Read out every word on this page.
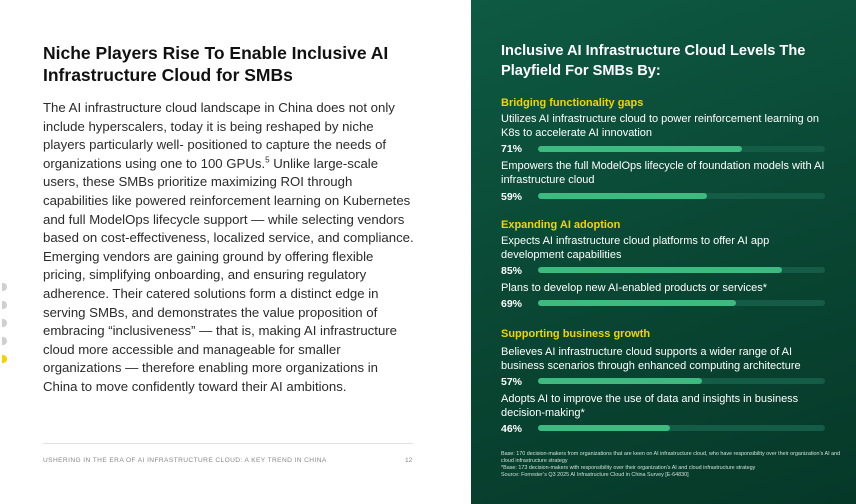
Niche Players Rise To Enable Inclusive AI Infrastructure Cloud for SMBs

The AI infrastructure cloud landscape in China does not only include hyperscalers, today it is being reshaped by niche players particularly well- positioned to capture the needs of organizations using one to 100 GPUs.$^5$ Unlike large-scale users, these SMBs prioritize maximizing ROI through capabilities like powered reinforcement learning on Kubernetes and full ModelOps lifecycle support — while selecting vendors based on cost-effectiveness, localized service, and compliance. Emerging vendors are gaining ground by offering flexible pricing, simplifying onboarding, and ensuring regulatory adherence. Their catered solutions form a distinct edge in serving SMBs, and demonstrates the value proposition of embracing “inclusiveness” — that is, making AI infrastructure cloud more accessible and manageable for smaller organizations — therefore enabling more organizations in China to move confidently toward their AI ambitions.

USHERING IN THE ERA OF AI INFRASTRUCTURE CLOUD: A KEY TREND IN CHINA	12

Inclusive AI Infrastructure Cloud Levels The Playfield For SMBs By:
Bridging functionality gaps

Utilizes AI infrastructure cloud to power reinforcement learning on K8s to accelerate AI innovation

71%

Empowers the full ModelOps lifecycle of foundation models with AI infrastructure cloud

59%

Expanding AI adoption

Expects AI infrastructure cloud platforms to offer AI app development capabilities

85%

Plans to develop new AI-enabled products or services*

69%

Supporting business growth

Believes AI infrastructure cloud supports a wider range of AI business scenarios through enhanced computing architecture

57%

Adopts AI to improve the use of data and insights in business decision-making*

46%

Base: 170 decision-makers from organizations that are keen on AI infrastructure cloud, who have responsibility over their organization’s AI and cloud infrastructure strategy
*Base: 173 decision-makers with responsibility over their organization’s AI and cloud infrastructure strategy
Source: Forrester’s Q3 2025 AI Infrastructure Cloud in China Survey [E-64830]
